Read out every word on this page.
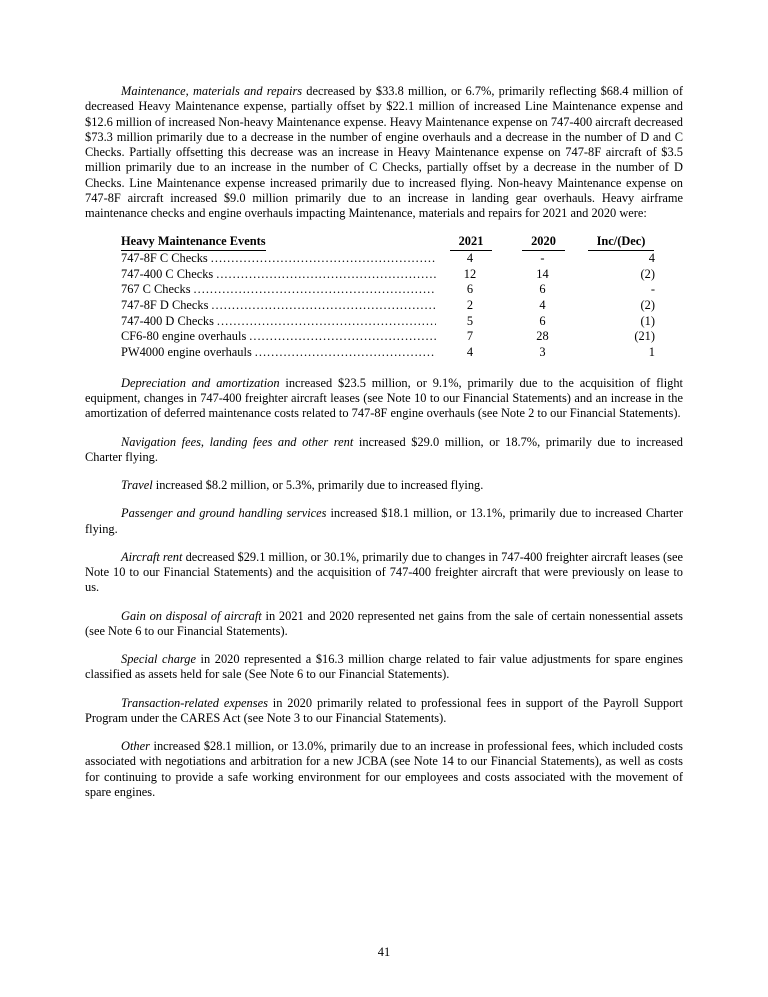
Maintenance, materials and repairs decreased by $33.8 million, or 6.7%, primarily reflecting $68.4 million of decreased Heavy Maintenance expense, partially offset by $22.1 million of increased Line Maintenance expense and $12.6 million of increased Non-heavy Maintenance expense. Heavy Maintenance expense on 747-400 aircraft decreased $73.3 million primarily due to a decrease in the number of engine overhauls and a decrease in the number of D and C Checks. Partially offsetting this decrease was an increase in Heavy Maintenance expense on 747-8F aircraft of $3.5 million primarily due to an increase in the number of C Checks, partially offset by a decrease in the number of D Checks. Line Maintenance expense increased primarily due to increased flying. Non-heavy Maintenance expense on 747-8F aircraft increased $9.0 million primarily due to an increase in landing gear overhauls. Heavy airframe maintenance checks and engine overhauls impacting Maintenance, materials and repairs for 2021 and 2020 were:

Heavy Maintenance Events	2021	2020	Inc/(Dec)
747-8F C Checks .....	4	-	4
747-400 C Checks .....	12	14	(2)
767 C Checks .....	6	6	-
747-8F D Checks .....	2	4	(2)
747-400 D Checks .....	5	6	(1)
CF6-80 engine overhauls .....	7	28	(21)
PW4000 engine overhauls .....	4	3	1

Depreciation and amortization increased $23.5 million, or 9.1%, primarily due to the acquisition of flight equipment, changes in 747-400 freighter aircraft leases (see Note 10 to our Financial Statements) and an increase in the amortization of deferred maintenance costs related to 747-8F engine overhauls (see Note 2 to our Financial Statements).

Navigation fees, landing fees and other rent increased $29.0 million, or 18.7%, primarily due to increased Charter flying.

Travel increased $8.2 million, or 5.3%, primarily due to increased flying.

Passenger and ground handling services increased $18.1 million, or 13.1%, primarily due to increased Charter flying.

Aircraft rent decreased $29.1 million, or 30.1%, primarily due to changes in 747-400 freighter aircraft leases (see Note 10 to our Financial Statements) and the acquisition of 747-400 freighter aircraft that were previously on lease to us.

Gain on disposal of aircraft in 2021 and 2020 represented net gains from the sale of certain nonessential assets (see Note 6 to our Financial Statements).

Special charge in 2020 represented a $16.3 million charge related to fair value adjustments for spare engines classified as assets held for sale (See Note 6 to our Financial Statements).

Transaction-related expenses in 2020 primarily related to professional fees in support of the Payroll Support Program under the CARES Act (see Note 3 to our Financial Statements).

Other increased $28.1 million, or 13.0%, primarily due to an increase in professional fees, which included costs associated with negotiations and arbitration for a new JCBA (see Note 14 to our Financial Statements), as well as costs for continuing to provide a safe working environment for our employees and costs associated with the movement of spare engines.

41
